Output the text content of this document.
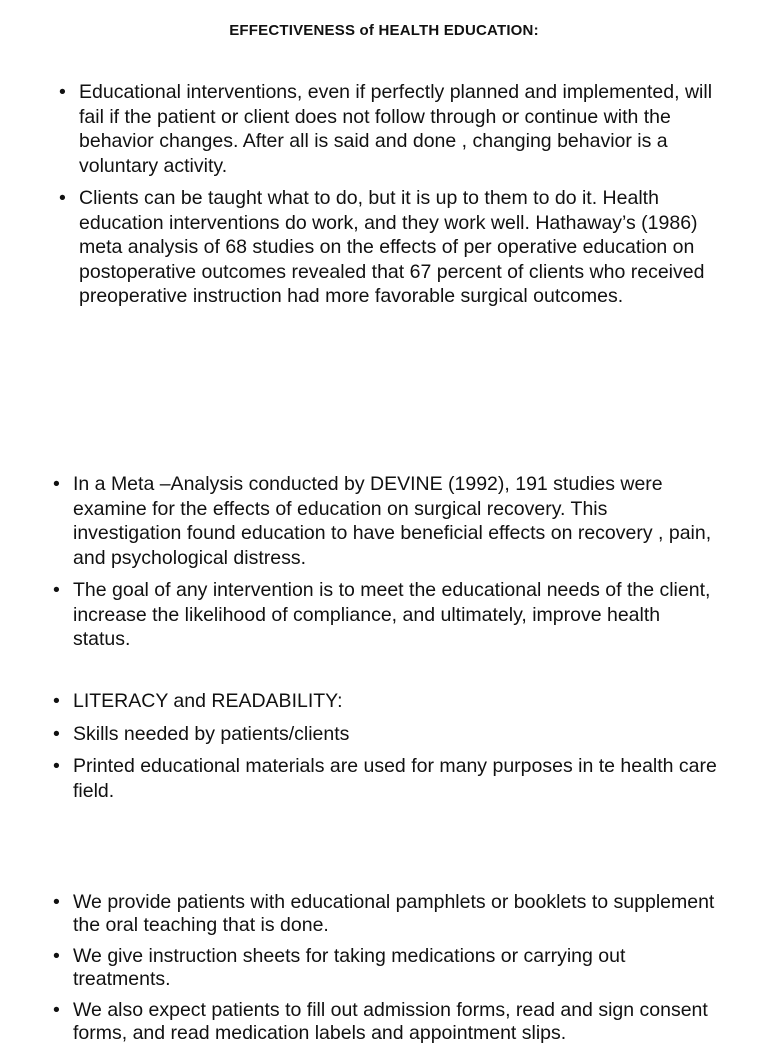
EFFECTIVENESS of HEALTH EDUCATION:
• Educational interventions, even if perfectly planned and implemented, will fail if the patient or client does not follow through or continue with the behavior changes. After all is said and done , changing behavior is a voluntary activity.
• Clients can be taught what to do, but it is up to them to do it. Health education interventions do work, and they work well. Hathaway’s (1986) meta analysis of 68 studies on the effects of per operative education on postoperative outcomes revealed that 67 percent of clients who received preoperative instruction had more favorable surgical outcomes.
• In a Meta –Analysis conducted by DEVINE (1992), 191 studies were examine for the effects of education on surgical recovery. This investigation found education to have beneficial effects on recovery , pain, and psychological distress.
• The goal of any intervention is to meet the educational needs of the client, increase the likelihood of compliance, and ultimately, improve health status.
• LITERACY and READABILITY:
• Skills needed by patients/clients
• Printed educational materials are used for many purposes in te health care field.
• We provide patients with educational pamphlets or booklets to supplement the oral teaching that is done.
• We give instruction sheets for taking medications or carrying out treatments.
• We also expect patients to fill out admission forms, read and sign consent forms, and read medication labels and appointment slips.
